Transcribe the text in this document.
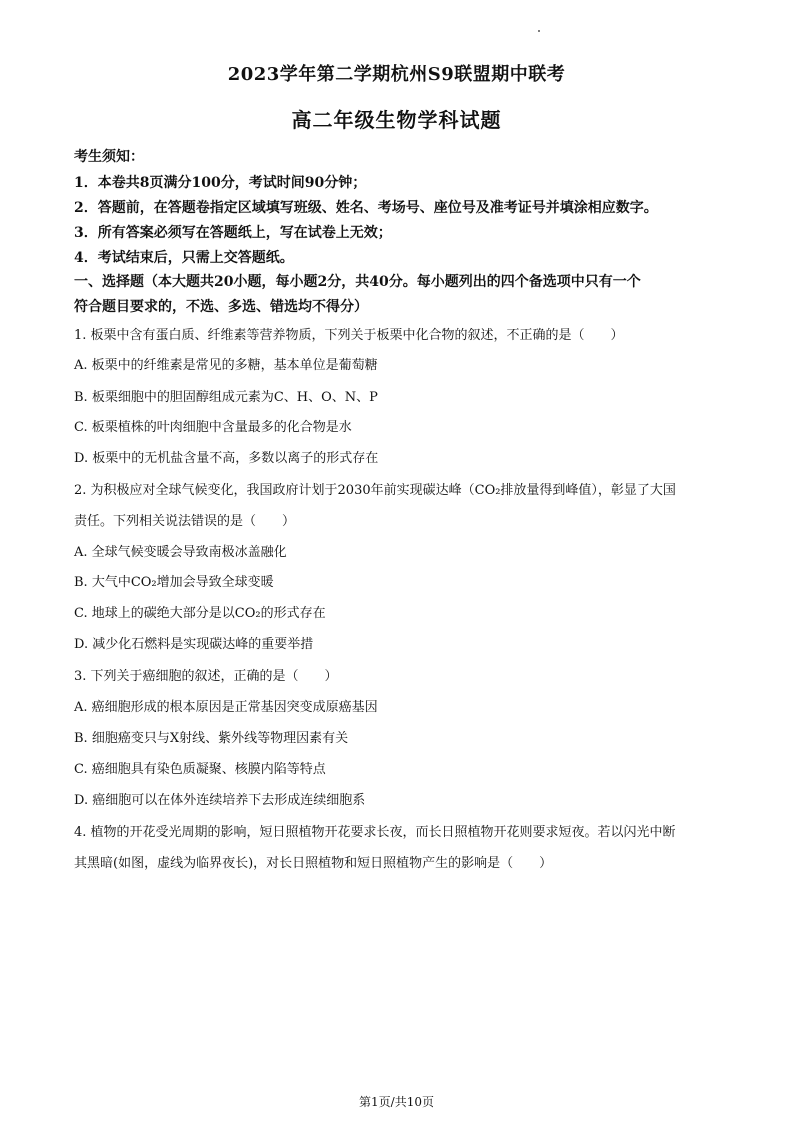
2023学年第二学期杭州S9联盟期中联考
高二年级生物学科试题
考生须知：
1．本卷共8页满分100分，考试时间90分钟；
2．答题前，在答题卷指定区域填写班级、姓名、考场号、座位号及准考证号并填涂相应数字。
3．所有答案必须写在答题纸上，写在试卷上无效；
4．考试结束后，只需上交答题纸。
一、选择题（本大题共20小题，每小题2分，共40分。每小题列出的四个备选项中只有一个
符合题目要求的，不选、多选、错选均不得分）
1. 板栗中含有蛋白质、纤维素等营养物质，下列关于板栗中化合物的叙述，不正确的是（　　）
A. 板栗中的纤维素是常见的多糖，基本单位是葡萄糖
B. 板栗细胞中的胆固醇组成元素为C、H、O、N、P
C. 板栗植株的叶肉细胞中含量最多的化合物是水
D. 板栗中的无机盐含量不高，多数以离子的形式存在
2. 为积极应对全球气候变化，我国政府计划于2030年前实现碳达峰（CO₂排放量得到峰值），彰显了大国
责任。下列相关说法错误的是（　　）
A. 全球气候变暖会导致南极冰盖融化
B. 大气中CO₂增加会导致全球变暖
C. 地球上的碳绝大部分是以CO₂的形式存在
D. 减少化石燃料是实现碳达峰的重要举措
3. 下列关于癌细胞的叙述，正确的是（　　）
A. 癌细胞形成的根本原因是正常基因突变成原癌基因
B. 细胞癌变只与X射线、紫外线等物理因素有关
C. 癌细胞具有染色质凝聚、核膜内陷等特点
D. 癌细胞可以在体外连续培养下去形成连续细胞系
4. 植物的开花受光周期的影响，短日照植物开花要求长夜，而长日照植物开花则要求短夜。若以闪光中断
其黑暗(如图，虚线为临界夜长)，对长日照植物和短日照植物产生的影响是（　　）
第1页/共10页
